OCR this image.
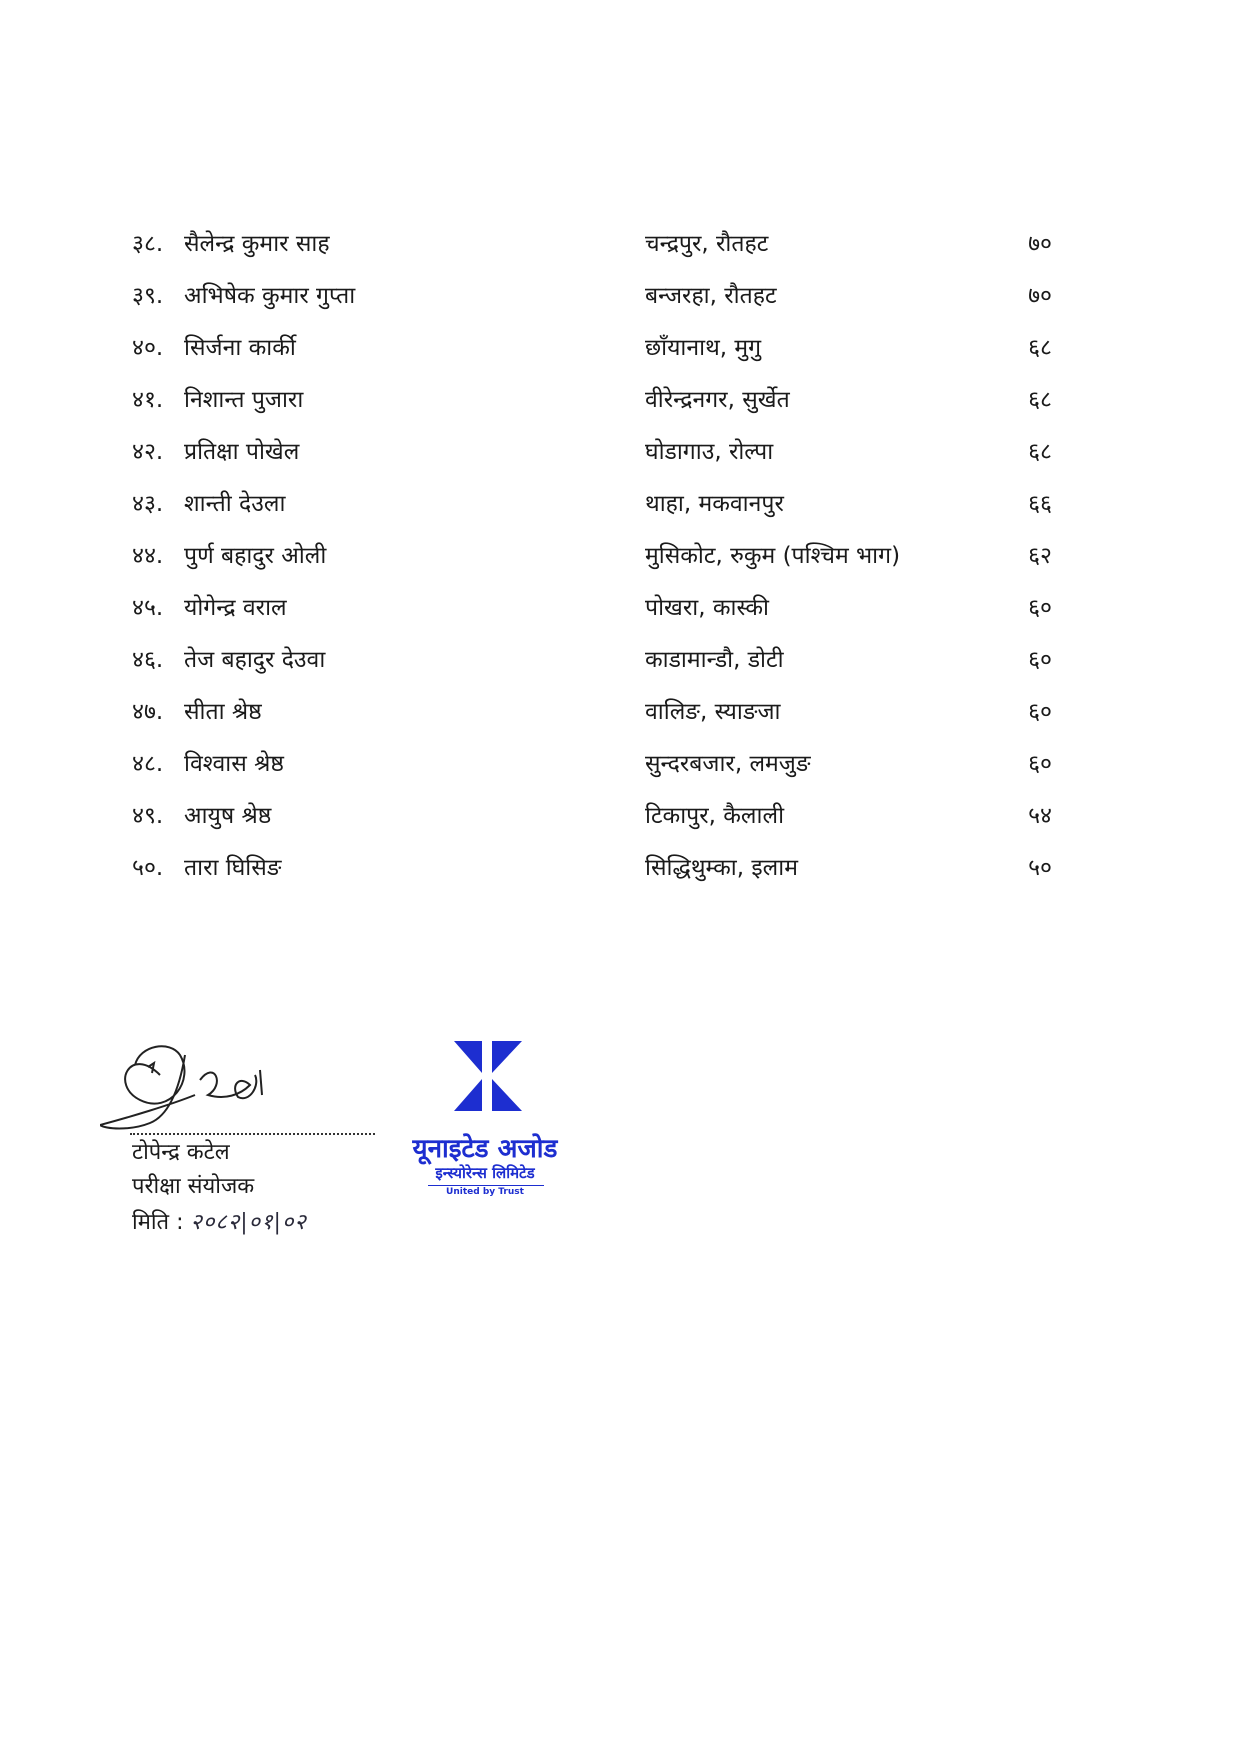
३८. सैलेन्द्र कुमार साह	चन्द्रपुर, रौतहट	७०
३९. अभिषेक कुमार गुप्ता	बन्जरहा, रौतहट	७०
४०. सिर्जना कार्की	छाँयानाथ, मुगु	६८
४१. निशान्त पुजारा	वीरेन्द्रनगर, सुर्खेत	६८
४२. प्रतिक्षा पोखेल	घोडागाउ, रोल्पा	६८
४३. शान्ती देउला	थाहा, मकवानपुर	६६
४४. पुर्ण बहादुर ओली	मुसिकोट, रुकुम (पश्चिम भाग)	६२
४५. योगेन्द्र वराल	पोखरा, कास्की	६०
४६. तेज बहादुर देउवा	काडामान्डौ, डोटी	६०
४७. सीता श्रेष्ठ	वालिङ, स्याङजा	६०
४८. विश्वास श्रेष्ठ	सुन्दरबजार, लमजुङ	६०
४९. आयुष श्रेष्ठ	टिकापुर, कैलाली	५४
५०. तारा घिसिङ	सिद्धिथुम्का, इलाम	५०
टोपेन्द्र कटेल
परीक्षा संयोजक
मिति : २०८२|०१|०२
यूनाइटेड अजोड
इन्स्योरेन्स लिमिटेड
United by Trust
